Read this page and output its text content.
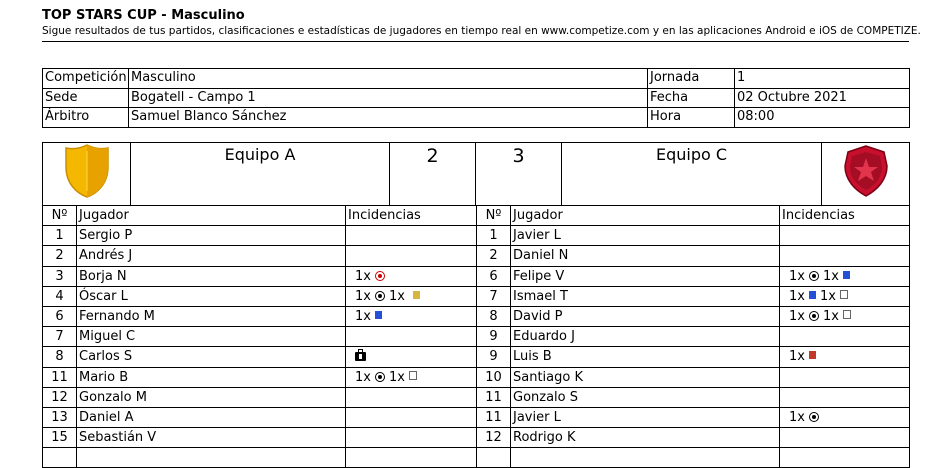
TOP STARS CUP - Masculino
Sigue resultados de tus partidos, clasificaciones e estadísticas de jugadores en tiempo real en www.competize.com y en las aplicaciones Android e iOS de COMPETIZE.
Competición	Masculino	Jornada	1
Sede	Bogatell - Campo 1	Fecha	02 Octubre 2021
Árbitro	Samuel Blanco Sánchez	Hora	08:00
	Equipo A	2	3	Equipo C	
Nº	Jugador	Incidencias	Nº	Jugador	Incidencias
1	Sergio P		1	Javier L	
2	Andrés J		2	Daniel N	
3	Borja N	1x	6	Felipe V	1x 1x
4	Óscar L	1x 1x	7	Ismael T	1x 1x
6	Fernando M	1x	8	David P	1x 1x
7	Miguel C		9	Eduardo J	
8	Carlos S		9	Luis B	1x
11	Mario B	1x 1x	10	Santiago K	
12	Gonzalo M		11	Gonzalo S	
13	Daniel A		11	Javier L	1x
15	Sebastián V		12	Rodrigo K	
